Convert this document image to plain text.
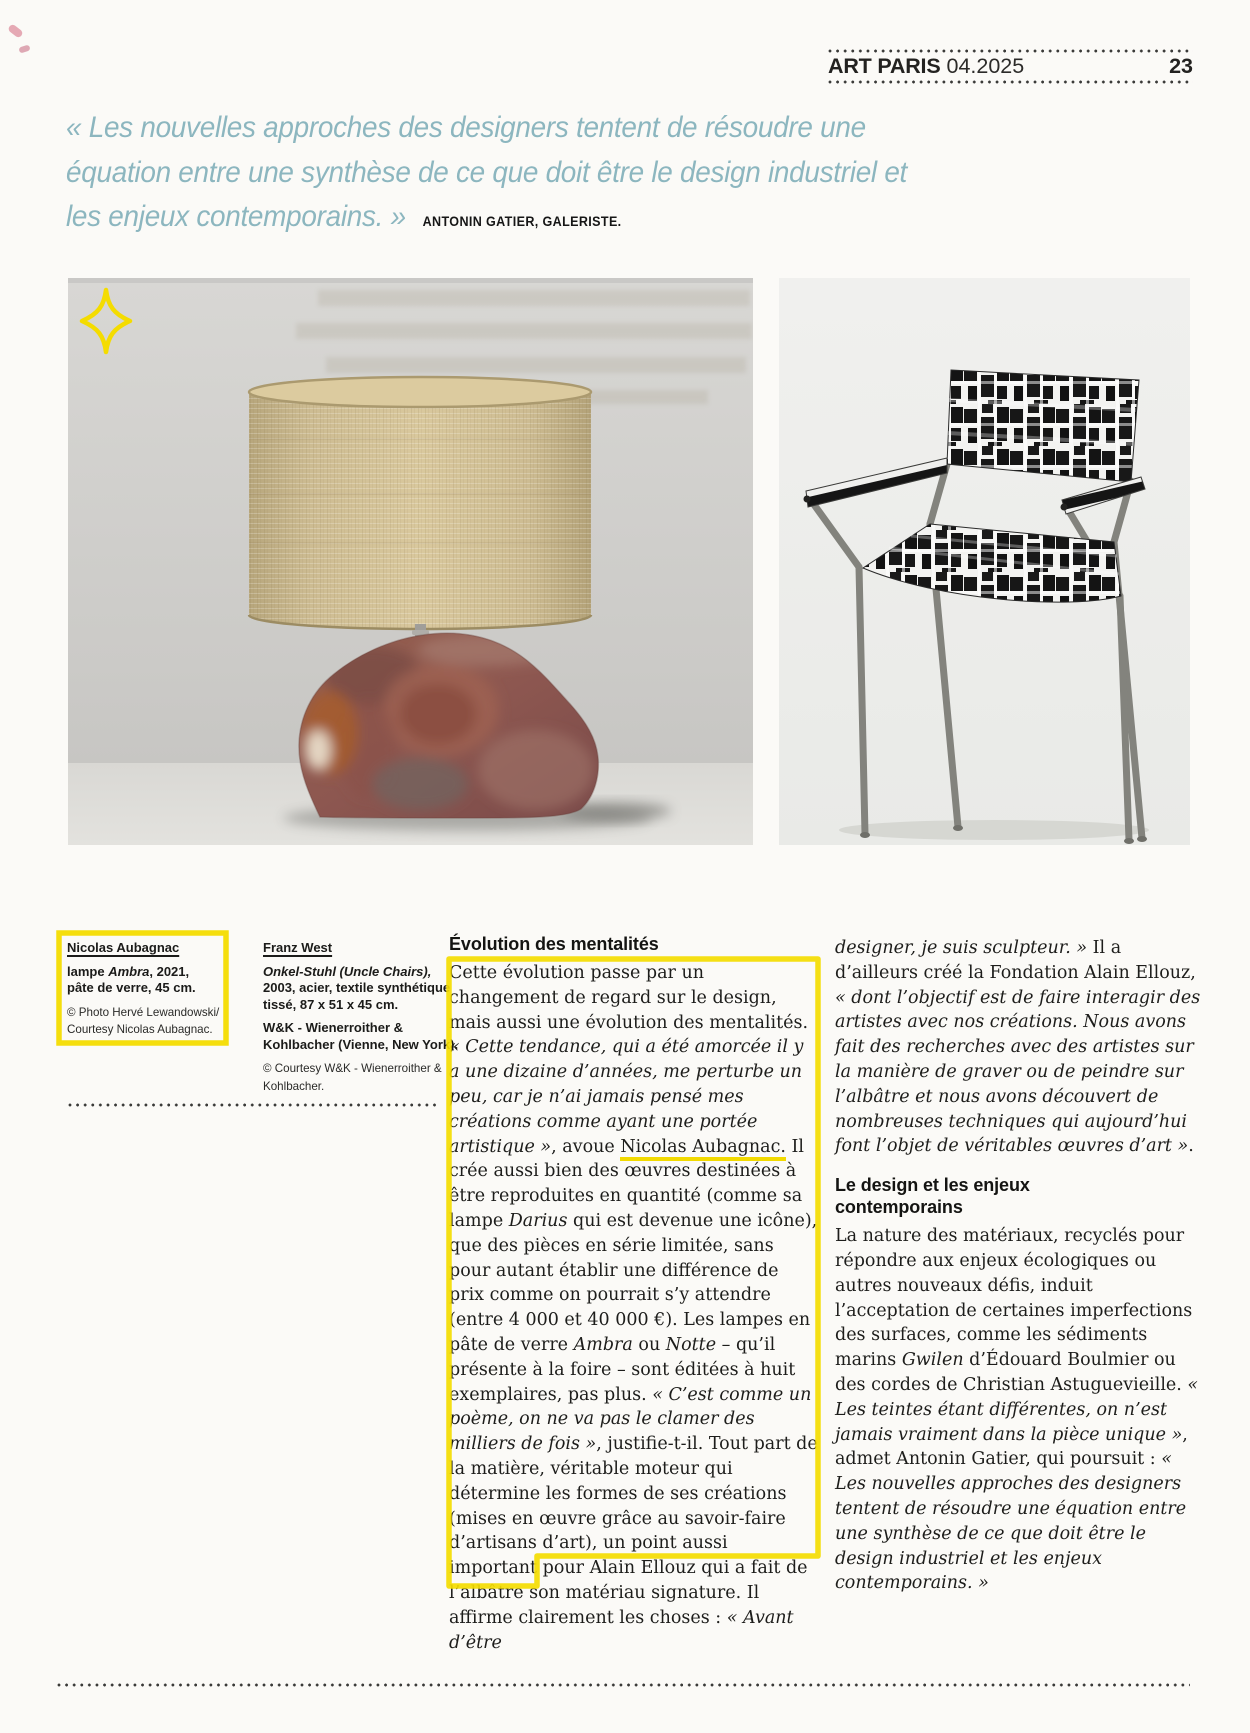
ART PARIS 04.2025	23
« Les nouvelles approches des designers tentent de résoudre une
équation entre une synthèse de ce que doit être le design industriel et
les enjeux contemporains. » ANTONIN GATIER, GALERISTE.
Nicolas Aubagnac
lampe Ambra, 2021,
pâte de verre, 45 cm.
© Photo Hervé Lewandowski/
Courtesy Nicolas Aubagnac.
Franz West
Onkel-Stuhl (Uncle Chairs),
2003, acier, textile synthétique
tissé, 87 x 51 x 45 cm.
W&K - Wienerroither &
Kohlbacher (Vienne, New York).
© Courtesy W&K - Wienerroither &
Kohlbacher.
Évolution des mentalités
Cette évolution passe par un changement de regard sur le design, mais aussi une évolution des mentalités. « Cette tendance, qui a été amorcée il y a une dizaine d’années, me perturbe un peu, car je n’ai jamais pensé mes créations comme ayant une portée artistique », avoue Nicolas Aubagnac. Il crée aussi bien des œuvres destinées à être reproduites en quantité (comme sa lampe Darius qui est devenue une icône), que des pièces en série limitée, sans pour autant établir une différence de prix comme on pourrait s’y attendre (entre 4 000 et 40 000 €). Les lampes en pâte de verre Ambra ou Notte – qu’il présente à la foire – sont éditées à huit exemplaires, pas plus. « C’est comme un poème, on ne va pas le clamer des milliers de fois », justifie-t-il. Tout part de la matière, véritable moteur qui détermine les formes de ses créations (mises en œuvre grâce au savoir-faire d’artisans d’art), un point aussi important pour Alain Ellouz qui a fait de l’albâtre son matériau signature. Il affirme clairement les choses : « Avant d’être
designer, je suis sculpteur. » Il a d’ailleurs créé la Fondation Alain Ellouz, « dont l’objectif est de faire interagir des artistes avec nos créations. Nous avons fait des recherches avec des artistes sur la manière de graver ou de peindre sur l’albâtre et nous avons découvert de nombreuses techniques qui aujourd’hui font l’objet de véritables œuvres d’art ».
Le design et les enjeux contemporains
La nature des matériaux, recyclés pour répondre aux enjeux écologiques ou autres nouveaux défis, induit l’acceptation de certaines imperfections des surfaces, comme les sédiments marins Gwilen d’Édouard Boulmier ou des cordes de Christian Astuguevieille. « Les teintes étant différentes, on n’est jamais vraiment dans la pièce unique », admet Antonin Gatier, qui poursuit : « Les nouvelles approches des designers tentent de résoudre une équation entre une synthèse de ce que doit être le design industriel et les enjeux contemporains. »
